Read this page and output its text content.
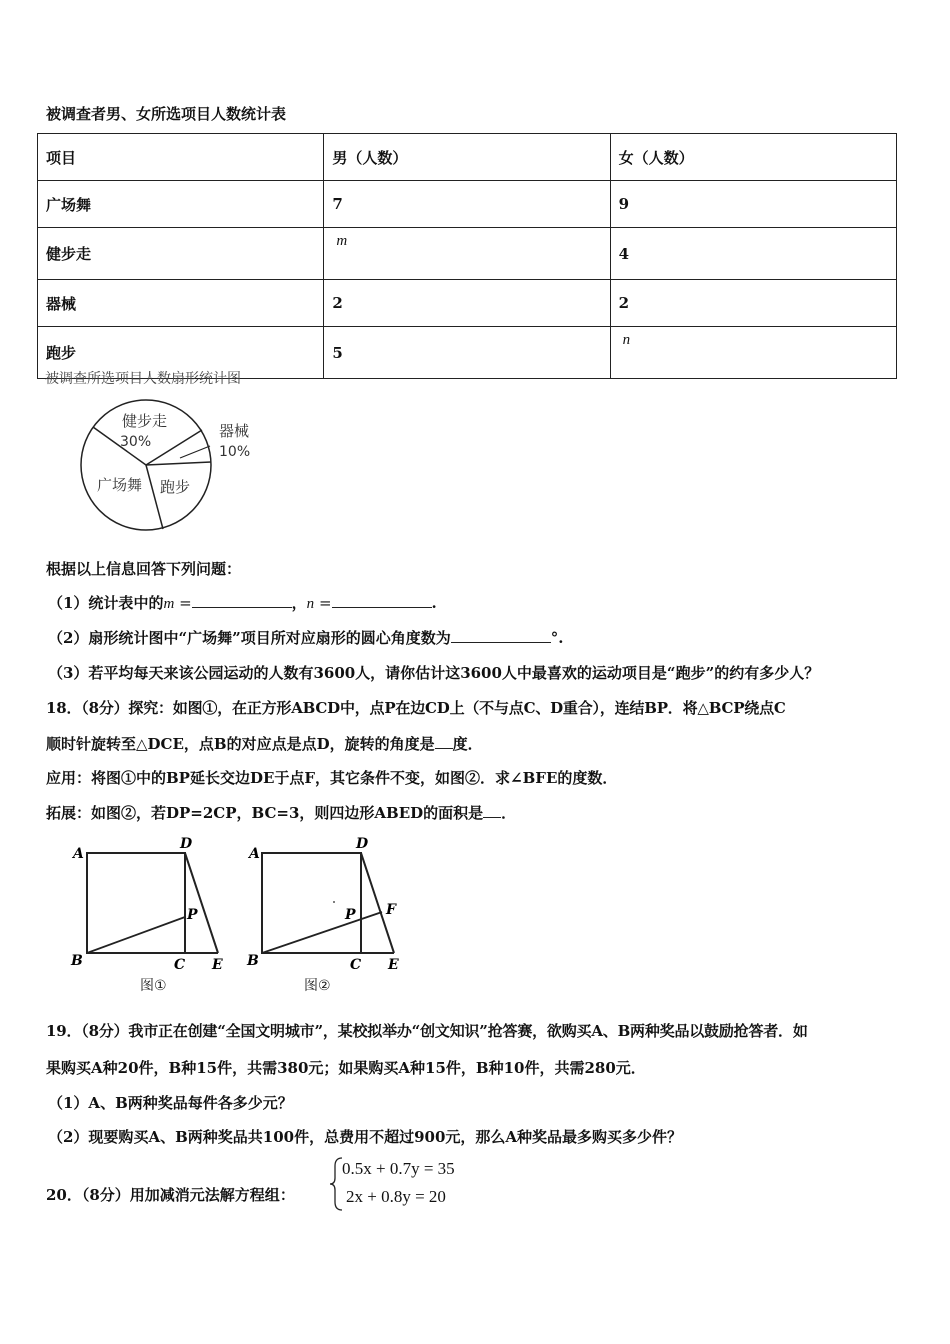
被调查者男、女所选项目人数统计表
项目	男（人数）	女（人数）
广场舞	7	9
健步走	m	4
器械	2	2
跑步	5	n
被调查所选项目人数扇形统计图
健步走
30%
器械
10%
跑步
广场舞
根据以上信息回答下列问题：
（1）统计表中的m =	，n =	.
（2）扇形统计图中“广场舞”项目所对应扇形的圆心角度数为	°.
（3）若平均每天来该公园运动的人数有3600人，请你估计这3600人中最喜欢的运动项目是“跑步”的约有多少人？
18．（8分）探究：如图①，在正方形ABCD中，点P在边CD上（不与点C、D重合），连结BP．将△BCP绕点C
顺时针旋转至△DCE，点B的对应点是点D，旋转的角度是 度．
应用：将图①中的BP延长交边DE于点F，其它条件不变，如图②．求∠BFE的度数．
拓展：如图②，若DP=2CP，BC=3，则四边形ABED的面积是 ．
A
D
P
B	C E
图①
A
D
P F
B	C E
图②
19．（8分）我市正在创建“全国文明城市”，某校拟举办“创文知识”抢答赛，欲购买A、B两种奖品以鼓励抢答者．如
果购买A种20件，B种15件，共需380元；如果购买A种15件，B种10件，共需280元．
（1）A、B两种奖品每件各多少元？
（2）现要购买A、B两种奖品共100件，总费用不超过900元，那么A种奖品最多购买多少件？
20．（8分）用加减消元法解方程组：
0.5x + 0.7y = 35
2x + 0.8y = 20
